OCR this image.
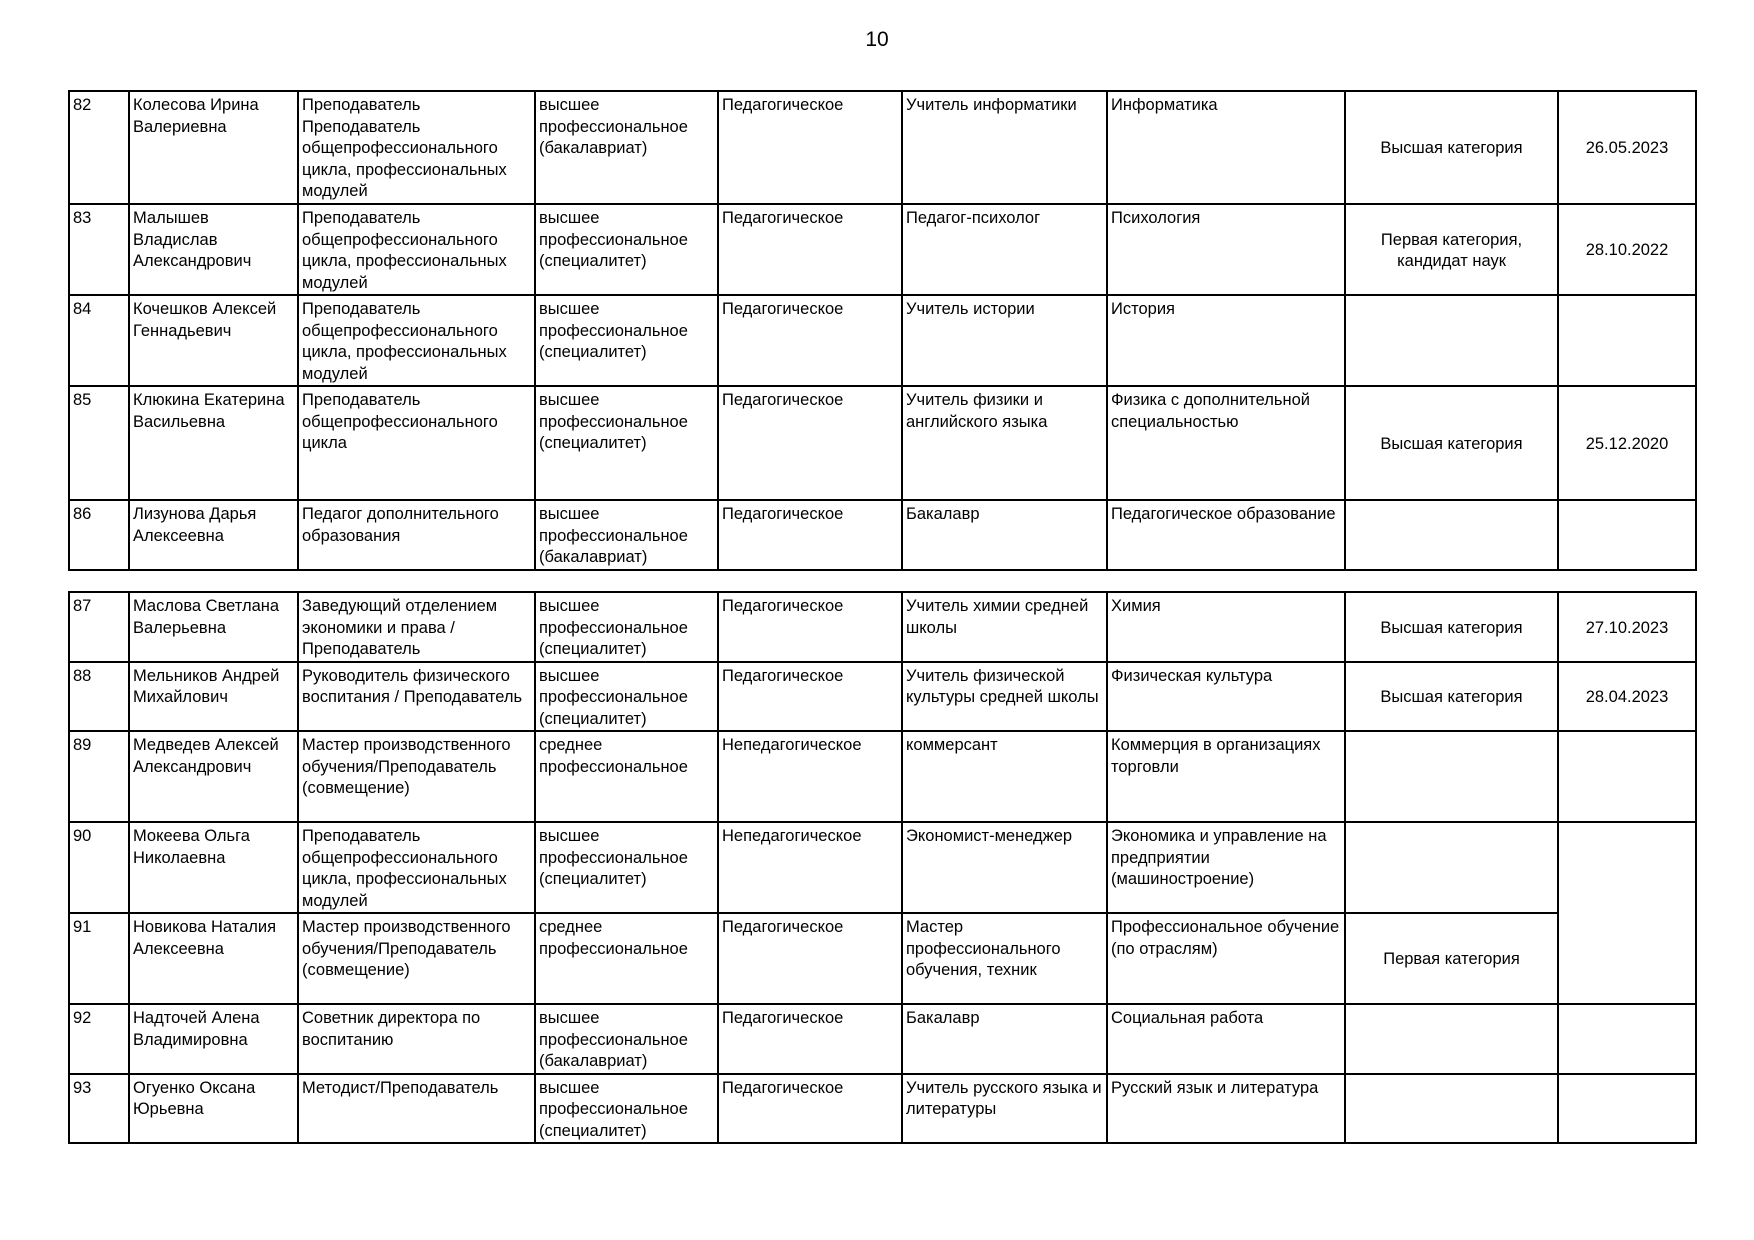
10
82	Колесова Ирина Валериевна	Преподаватель Преподаватель общепрофессионального цикла, профессиональных модулей	высшее профессиональное (бакалавриат)	Педагогическое	Учитель информатики	Информатика	Высшая категория	26.05.2023
83	Малышев Владислав Александрович	Преподаватель общепрофессионального цикла, профессиональных модулей	высшее профессиональное (специалитет)	Педагогическое	Педагог-психолог	Психология	Первая категория, кандидат наук	28.10.2022
84	Кочешков Алексей Геннадьевич	Преподаватель общепрофессионального цикла, профессиональных модулей	высшее профессиональное (специалитет)	Педагогическое	Учитель истории	История		
85	Клюкина Екатерина Васильевна	Преподаватель общепрофессионального цикла	высшее профессиональное (специалитет)	Педагогическое	Учитель физики и английского языка	Физика с дополнительной специальностью	Высшая категория	25.12.2020
86	Лизунова Дарья Алексеевна	Педагог дополнительного образования	высшее профессиональное (бакалавриат)	Педагогическое	Бакалавр	Педагогическое образование		
87	Маслова Светлана Валерьевна	Заведующий отделением экономики и права / Преподаватель	высшее профессиональное (специалитет)	Педагогическое	Учитель химии средней школы	Химия	Высшая категория	27.10.2023
88	Мельников Андрей Михайлович	Руководитель физического воспитания / Преподаватель	высшее профессиональное (специалитет)	Педагогическое	Учитель физической культуры средней школы	Физическая культура	Высшая категория	28.04.2023
89	Медведев Алексей Александрович	Мастер производственного обучения/Преподаватель (совмещение)	среднее профессиональное	Непедагогическое	коммерсант	Коммерция в организациях торговли		
90	Мокеева Ольга Николаевна	Преподаватель общепрофессионального цикла, профессиональных модулей	высшее профессиональное (специалитет)	Непедагогическое	Экономист-менеджер	Экономика и управление на предприятии (машиностроение)		
91	Новикова Наталия Алексеевна	Мастер производственного обучения/Преподаватель (совмещение)	среднее профессиональное	Педагогическое	Мастер профессионального обучения, техник	Профессиональное обучение (по отраслям)	Первая категория	
92	Надточей Алена Владимировна	Советник директора по воспитанию	высшее профессиональное (бакалавриат)	Педагогическое	Бакалавр	Социальная работа		
93	Огуенко Оксана Юрьевна	Методист/Преподаватель	высшее профессиональное (специалитет)	Педагогическое	Учитель русского языка и литературы	Русский язык и литература		
